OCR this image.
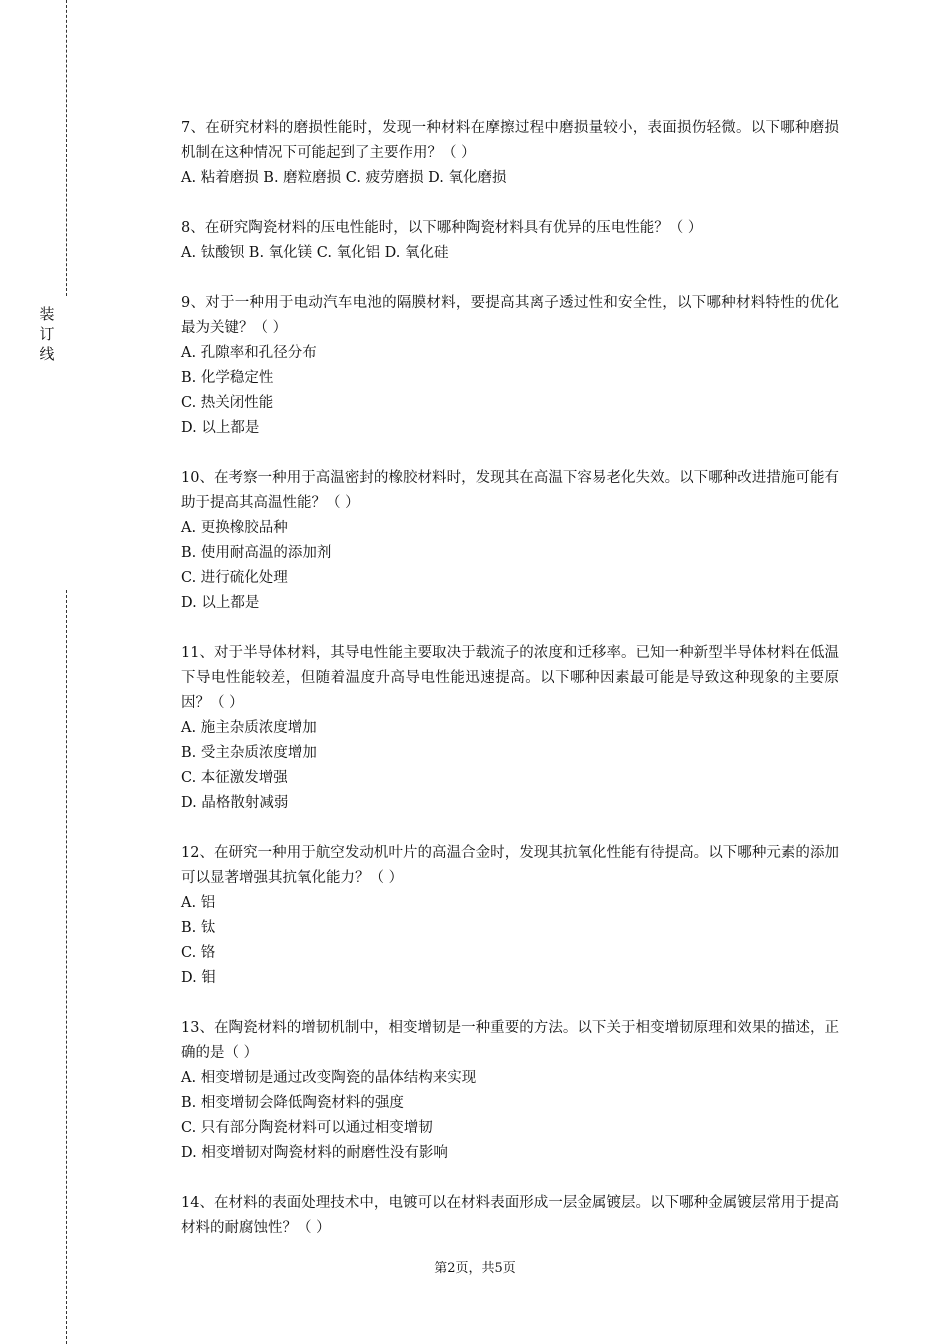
装
订
线
7、在研究材料的磨损性能时，发现一种材料在摩擦过程中磨损量较小，表面损伤轻微。以下哪种磨损机制在这种情况下可能起到了主要作用？（ ）
A. 粘着磨损 B. 磨粒磨损 C. 疲劳磨损 D. 氧化磨损
8、在研究陶瓷材料的压电性能时，以下哪种陶瓷材料具有优异的压电性能？（ ）
A. 钛酸钡 B. 氧化镁 C. 氧化铝 D. 氧化硅
9、对于一种用于电动汽车电池的隔膜材料，要提高其离子透过性和安全性，以下哪种材料特性的优化最为关键？（ ）
A. 孔隙率和孔径分布
B. 化学稳定性
C. 热关闭性能
D. 以上都是
10、在考察一种用于高温密封的橡胶材料时，发现其在高温下容易老化失效。以下哪种改进措施可能有助于提高其高温性能？（ ）
A. 更换橡胶品种
B. 使用耐高温的添加剂
C. 进行硫化处理
D. 以上都是
11、对于半导体材料，其导电性能主要取决于载流子的浓度和迁移率。已知一种新型半导体材料在低温下导电性能较差，但随着温度升高导电性能迅速提高。以下哪种因素最可能是导致这种现象的主要原因？（ ）
A. 施主杂质浓度增加
B. 受主杂质浓度增加
C. 本征激发增强
D. 晶格散射减弱
12、在研究一种用于航空发动机叶片的高温合金时，发现其抗氧化性能有待提高。以下哪种元素的添加可以显著增强其抗氧化能力？（ ）
A. 铝
B. 钛
C. 铬
D. 钼
13、在陶瓷材料的增韧机制中，相变增韧是一种重要的方法。以下关于相变增韧原理和效果的描述，正确的是（ ）
A. 相变增韧是通过改变陶瓷的晶体结构来实现
B. 相变增韧会降低陶瓷材料的强度
C. 只有部分陶瓷材料可以通过相变增韧
D. 相变增韧对陶瓷材料的耐磨性没有影响
14、在材料的表面处理技术中，电镀可以在材料表面形成一层金属镀层。以下哪种金属镀层常用于提高材料的耐腐蚀性？（ ）
第2页，共5页
